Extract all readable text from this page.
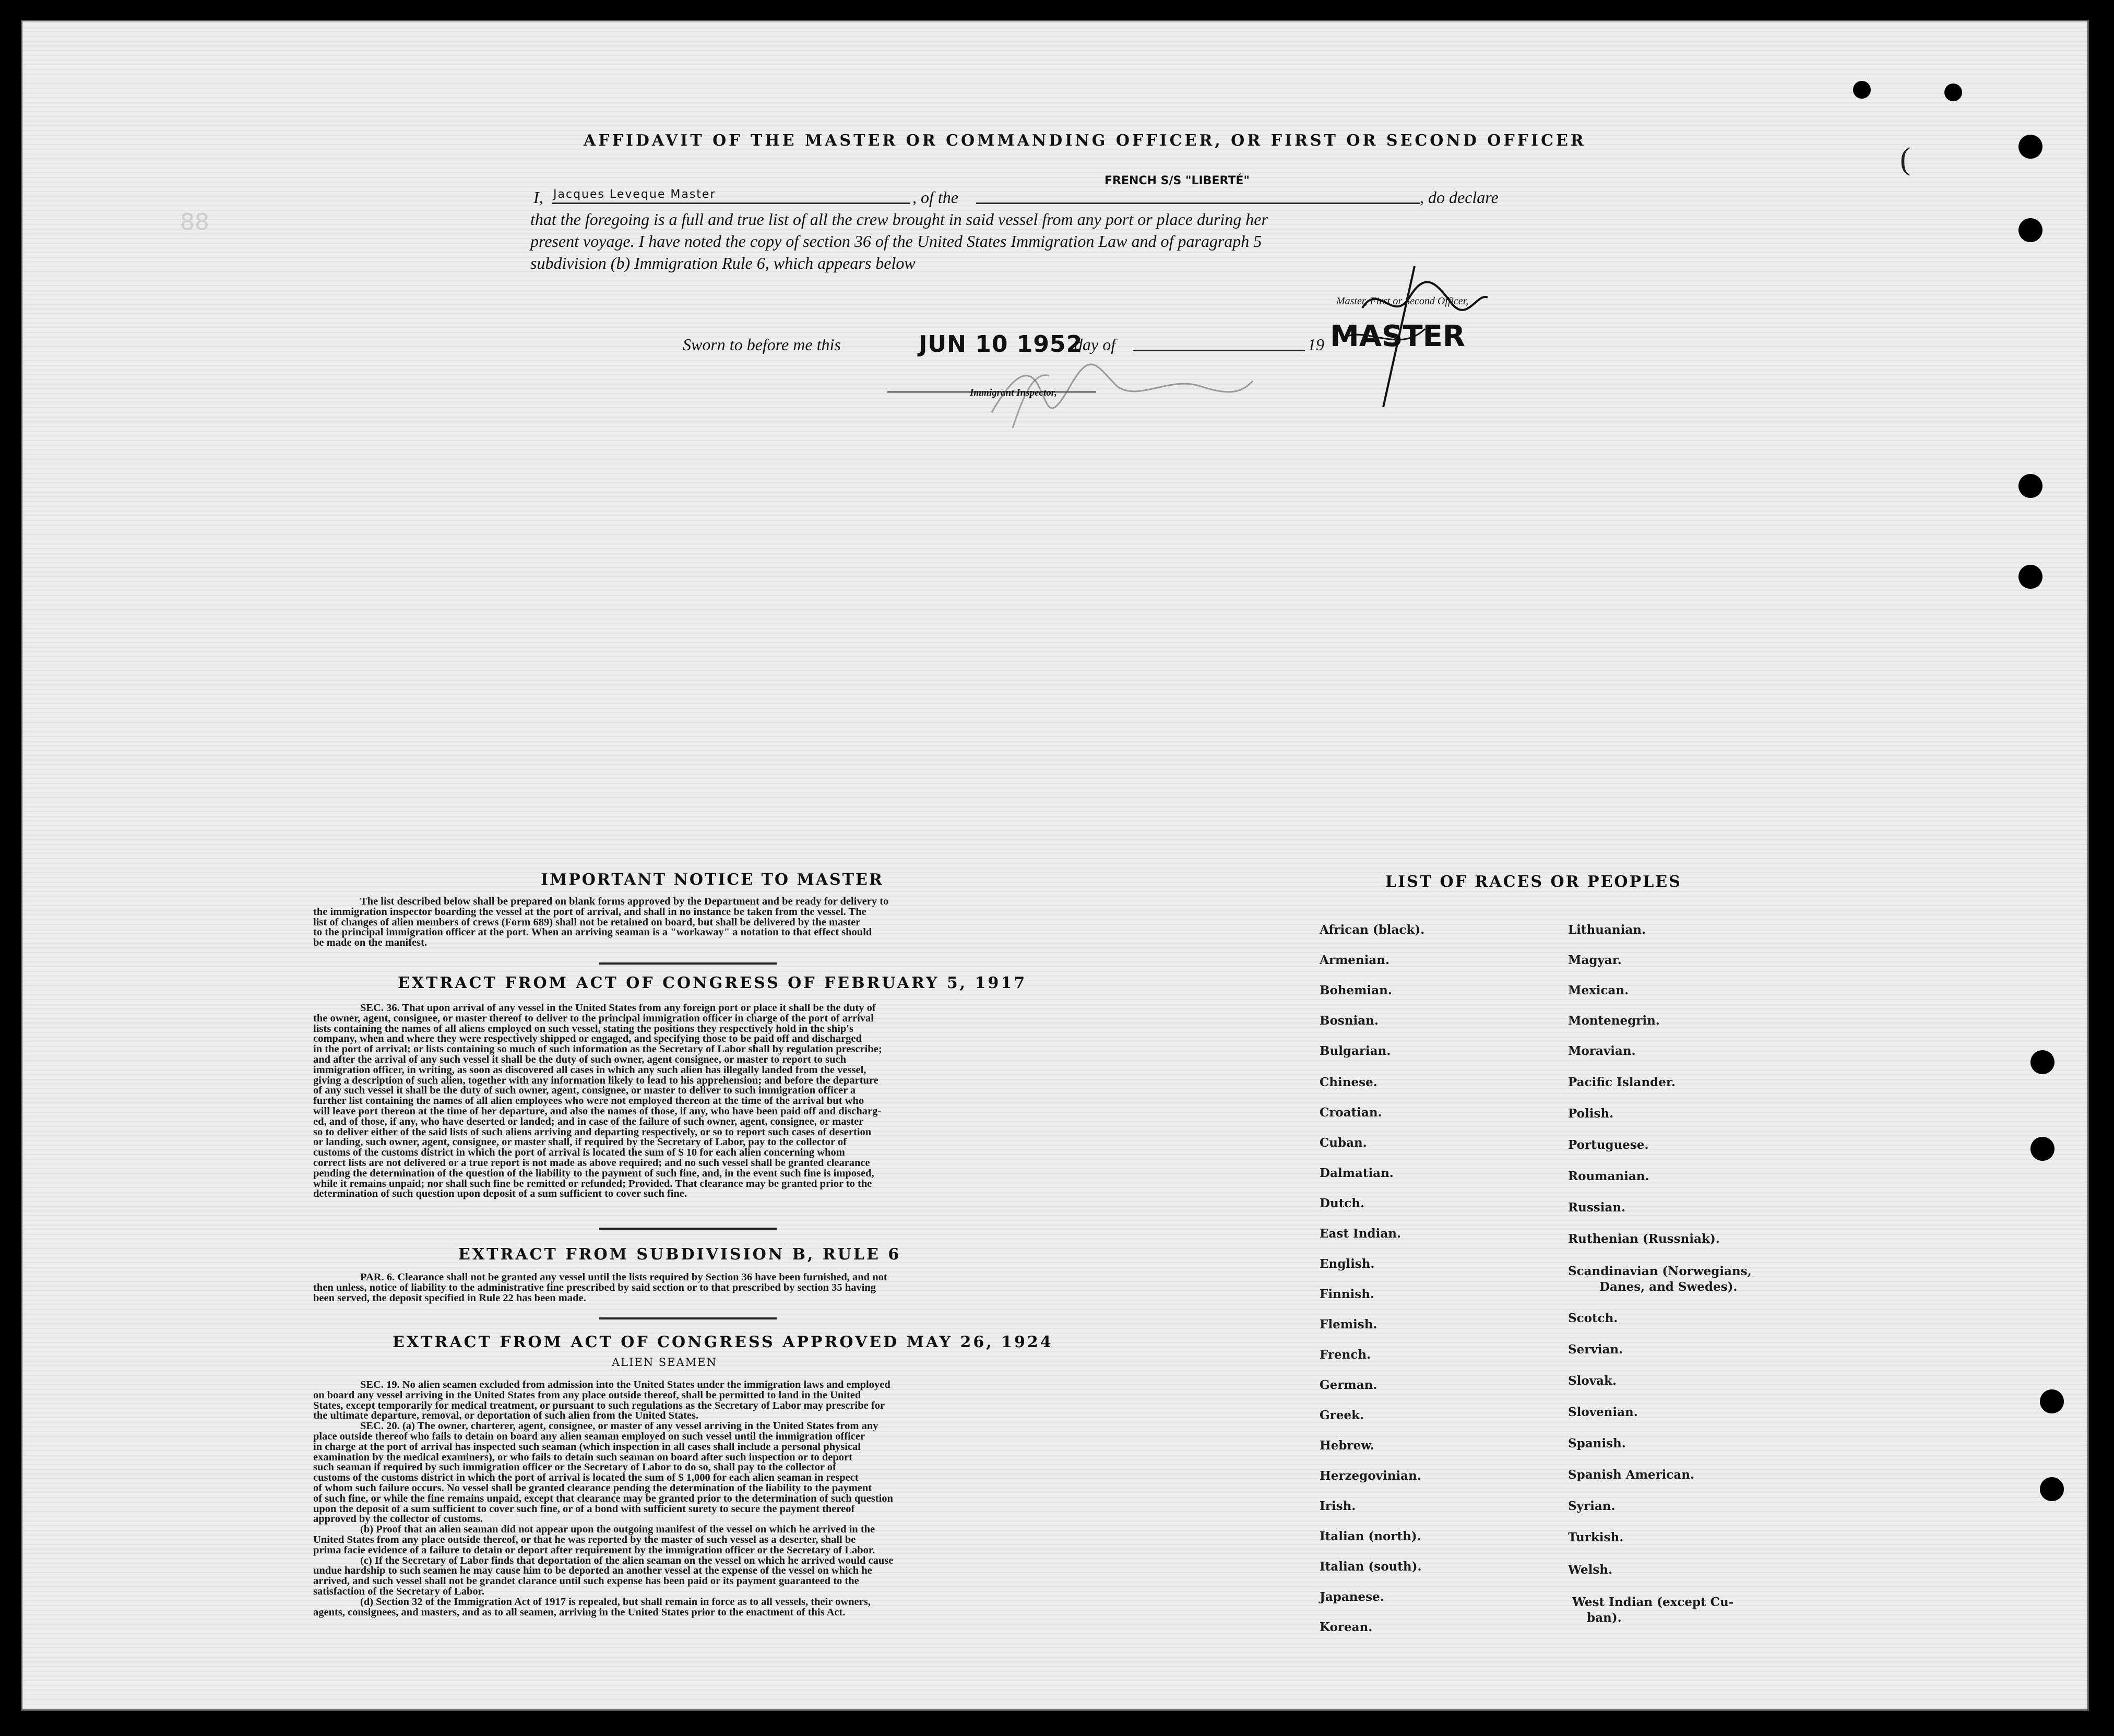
88
(
AFFIDAVIT OF THE MASTER OR COMMANDING OFFICER, OR FIRST OR SECOND OFFICER
I, Jacques Leveque Master	, of the
FRENCH S/S "LIBERTÉ"
, do declare
that the foregoing is a full and true list of all the crew brought in said vessel from any port or place during her
present voyage. I have noted the copy of section 36 of the United States Immigration Law and of paragraph 5
subdivision (b) Immigration Rule 6, which appears below
Master, First or Second Officer,
Sworn to before me this	JUN 10 1952
day of	19 MASTER
Immigrant Inspector,
IMPORTANT NOTICE TO MASTER
The list described below shall be prepared on blank forms approved by the Department and be ready for delivery to
the immigration inspector boarding the vessel at the port of arrival, and shall in no instance be taken from the vessel. The
list of changes of alien members of crews (Form 689) shall not be retained on board, but shall be delivered by the master
to the principal immigration officer at the port. When an arriving seaman is a "workaway" a notation to that effect should
be made on the manifest.
EXTRACT FROM ACT OF CONGRESS OF FEBRUARY 5, 1917
SEC. 36. That upon arrival of any vessel in the United States from any foreign port or place it shall be the duty of
the owner, agent, consignee, or master thereof to deliver to the principal immigration officer in charge of the port of arrival
lists containing the names of all aliens employed on such vessel, stating the positions they respectively hold in the ship's
company, when and where they were respectively shipped or engaged, and specifying those to be paid off and discharged
in the port of arrival; or lists containing so much of such information as the Secretary of Labor shall by regulation prescribe;
and after the arrival of any such vessel it shall be the duty of such owner, agent consignee, or master to report to such
immigration officer, in writing, as soon as discovered all cases in which any such alien has illegally landed from the vessel,
giving a description of such alien, together with any information likely to lead to his apprehension; and before the departure
of any such vessel it shall be the duty of such owner, agent, consignee, or master to deliver to such immigration officer a
further list containing the names of all alien employees who were not employed thereon at the time of the arrival but who
will leave port thereon at the time of her departure, and also the names of those, if any, who have been paid off and discharg-
ed, and of those, if any, who have deserted or landed; and in case of the failure of such owner, agent, consignee, or master
so to deliver either of the said lists of such aliens arriving and departing respectively, or so to report such cases of desertion
or landing, such owner, agent, consignee, or master shall, if required by the Secretary of Labor, pay to the collector of
customs of the customs district in which the port of arrival is located the sum of $ 10 for each alien concerning whom
correct lists are not delivered or a true report is not made as above required; and no such vessel shall be granted clearance
pending the determination of the question of the liability to the payment of such fine, and, in the event such fine is imposed,
while it remains unpaid; nor shall such fine be remitted or refunded; Provided. That clearance may be granted prior to the
determination of such question upon deposit of a sum sufficient to cover such fine.
EXTRACT FROM SUBDIVISION B, RULE 6
PAR. 6. Clearance shall not be granted any vessel until the lists required by Section 36 have been furnished, and not
then unless, notice of liability to the administrative fine prescribed by said section or to that prescribed by section 35 having
been served, the deposit specified in Rule 22 has been made.
EXTRACT FROM ACT OF CONGRESS APPROVED MAY 26, 1924
ALIEN SEAMEN
SEC. 19. No alien seamen excluded from admission into the United States under the immigration laws and employed
on board any vessel arriving in the United States from any place outside thereof, shall be permitted to land in the United
States, except temporarily for medical treatment, or pursuant to such regulations as the Secretary of Labor may prescribe for
the ultimate departure, removal, or deportation of such alien from the United States.
SEC. 20. (a) The owner, charterer, agent, consignee, or master of any vessel arriving in the United States from any
place outside thereof who fails to detain on board any alien seaman employed on such vessel until the immigration officer
in charge at the port of arrival has inspected such seaman (which inspection in all cases shall include a personal physical
examination by the medical examiners), or who fails to detain such seaman on board after such inspection or to deport
such seaman if required by such immigration officer or the Secretary of Labor to do so, shall pay to the collector of
customs of the customs district in which the port of arrival is located the sum of $ 1,000 for each alien seaman in respect
of whom such failure occurs. No vessel shall be granted clearance pending the determination of the liability to the payment
of such fine, or while the fine remains unpaid, except that clearance may be granted prior to the determination of such question
upon the deposit of a sum sufficient to cover such fine, or of a bond with sufficient surety to secure the payment thereof
approved by the collector of customs.
(b) Proof that an alien seaman did not appear upon the outgoing manifest of the vessel on which he arrived in the
United States from any place outside thereof, or that he was reported by the master of such vessel as a deserter, shall be
prima facie evidence of a failure to detain or deport after requirement by the immigration officer or the Secretary of Labor.
(c) If the Secretary of Labor finds that deportation of the alien seaman on the vessel on which he arrived would cause
undue hardship to such seamen he may cause him to be deported an another vessel at the expense of the vessel on which he
arrived, and such vessel shall not be grandet clarance until such expense has been paid or its payment guaranteed to the
satisfaction of the Secretary of Labor.
(d) Section 32 of the Immigration Act of 1917 is repealed, but shall remain in force as to all vessels, their owners,
agents, consignees, and masters, and as to all seamen, arriving in the United States prior to the enactment of this Act.
LIST OF RACES OR PEOPLES
African (black).
Armenian.
Bohemian.
Bosnian.
Bulgarian.
Chinese.
Croatian.
Cuban.
Dalmatian.
Dutch.
East Indian.
English.
Finnish.
Flemish.
French.
German.
Greek.
Hebrew.
Herzegovinian.
Irish.
Italian (north).
Italian (south).
Japanese.
Korean.
Lithuanian.
Magyar.
Mexican.
Montenegrin.
Moravian.
Pacific Islander.
Polish.
Portuguese.
Roumanian.
Russian.
Ruthenian (Russniak).
Scandinavian (Norwegians,
Danes, and Swedes).
Scotch.
Servian.
Slovak.
Slovenian.
Spanish.
Spanish American.
Syrian.
Turkish.
Welsh.
West Indian (except Cu-
ban).
